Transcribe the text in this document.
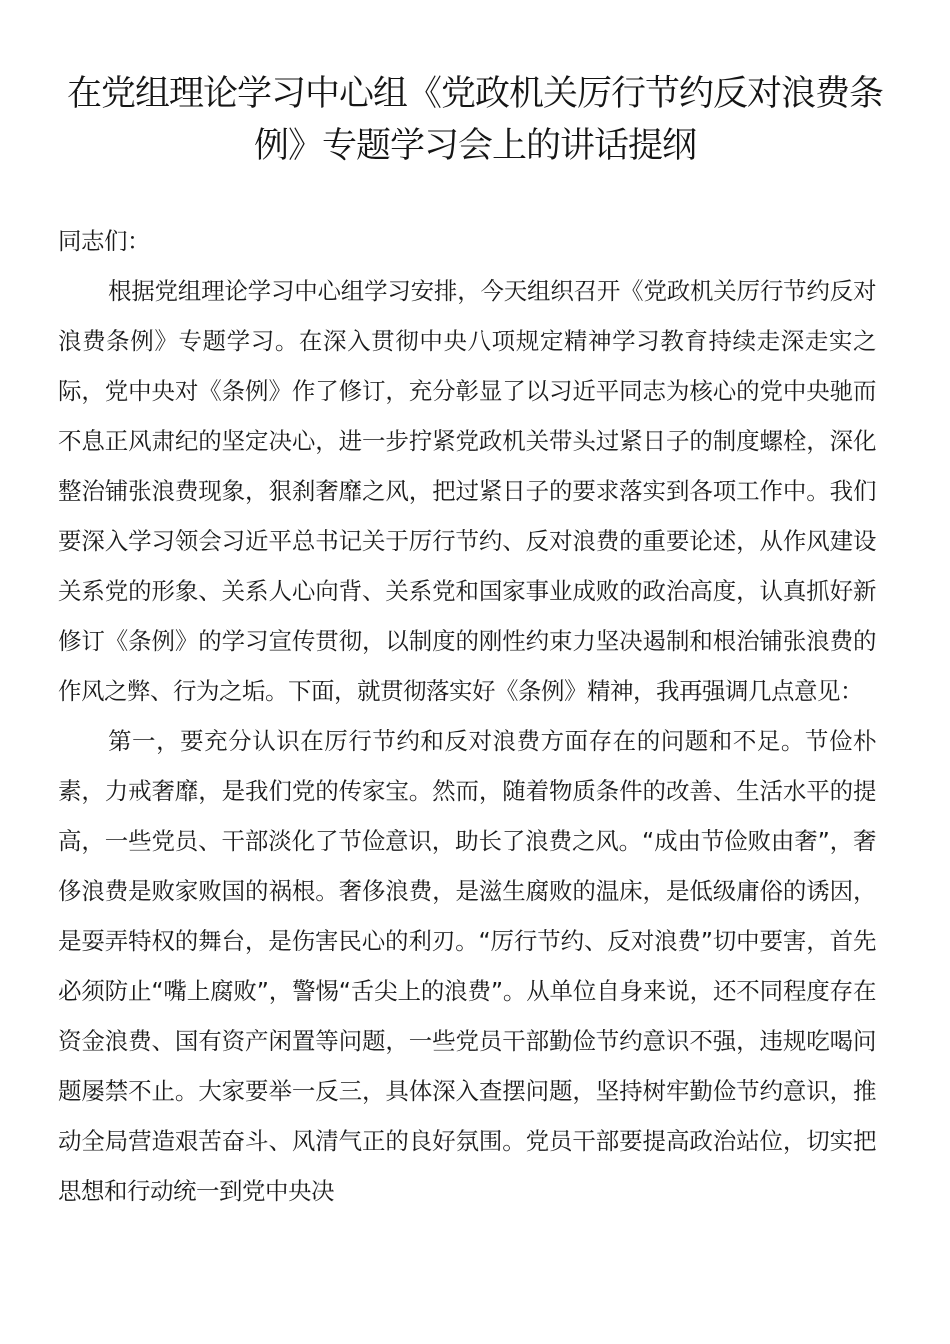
在党组理论学习中心组《党政机关厉行节约反对浪费条例》专题学习会上的讲话提纲

同志们：

根据党组理论学习中心组学习安排，今天组织召开《党政机关厉行节约反对浪费条例》专题学习。在深入贯彻中央八项规定精神学习教育持续走深走实之际，党中央对《条例》作了修订，充分彰显了以习近平同志为核心的党中央驰而不息正风肃纪的坚定决心，进一步拧紧党政机关带头过紧日子的制度螺栓，深化整治铺张浪费现象，狠刹奢靡之风，把过紧日子的要求落实到各项工作中。我们要深入学习领会习近平总书记关于厉行节约、反对浪费的重要论述，从作风建设关系党的形象、关系人心向背、关系党和国家事业成败的政治高度，认真抓好新修订《条例》的学习宣传贯彻，以制度的刚性约束力坚决遏制和根治铺张浪费的作风之弊、行为之垢。下面，就贯彻落实好《条例》精神，我再强调几点意见：

第一，要充分认识在厉行节约和反对浪费方面存在的问题和不足。节俭朴素，力戒奢靡，是我们党的传家宝。然而，随着物质条件的改善、生活水平的提高，一些党员、干部淡化了节俭意识，助长了浪费之风。“成由节俭败由奢”，奢侈浪费是败家败国的祸根。奢侈浪费，是滋生腐败的温床，是低级庸俗的诱因，是耍弄特权的舞台，是伤害民心的利刃。“厉行节约、反对浪费”切中要害，首先必须防止“嘴上腐败”，警惕“舌尖上的浪费”。从单位自身来说，还不同程度存在资金浪费、国有资产闲置等问题，一些党员干部勤俭节约意识不强，违规吃喝问题屡禁不止。大家要举一反三，具体深入查摆问题，坚持树牢勤俭节约意识，推动全局营造艰苦奋斗、风清气正的良好氛围。党员干部要提高政治站位，切实把思想和行动统一到党中央决
